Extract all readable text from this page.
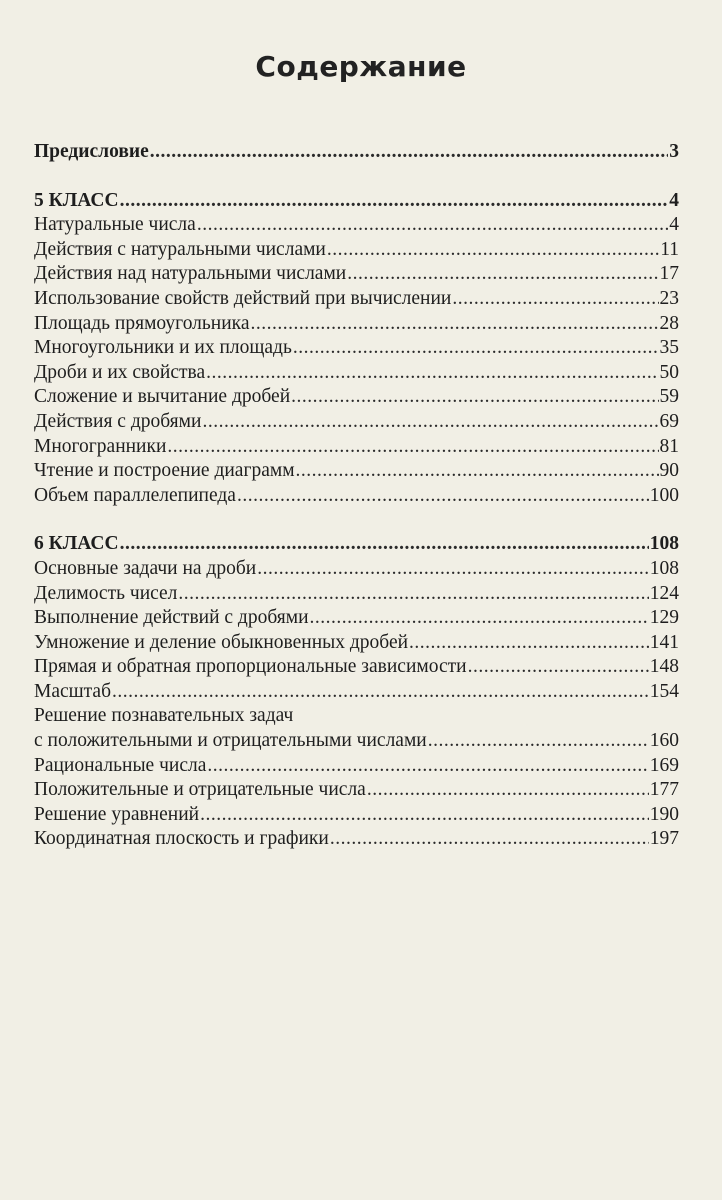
Содержание
Предисловие .....	3
5 КЛАСС .....	4
Натуральные числа .....	4
Действия с натуральными числами .....	11
Действия над натуральными числами .....	17
Использование свойств действий при вычислении .....	23
Площадь прямоугольника .....	28
Многоугольники и их площадь .....	35
Дроби и их свойства .....	50
Сложение и вычитание дробей .....	59
Действия с дробями .....	69
Многогранники .....	81
Чтение и построение диаграмм .....	90
Объем параллелепипеда .....	100
6 КЛАСС .....	108
Основные задачи на дроби .....	108
Делимость чисел .....	124
Выполнение действий с дробями .....	129
Умножение и деление обыкновенных дробей .....	141
Прямая и обратная пропорциональные зависимости .....	148
Масштаб .....	154
Решение познавательных задач
с положительными и отрицательными числами .....	160
Рациональные числа .....	169
Положительные и отрицательные числа .....	177
Решение уравнений .....	190
Координатная плоскость и графики .....	197
